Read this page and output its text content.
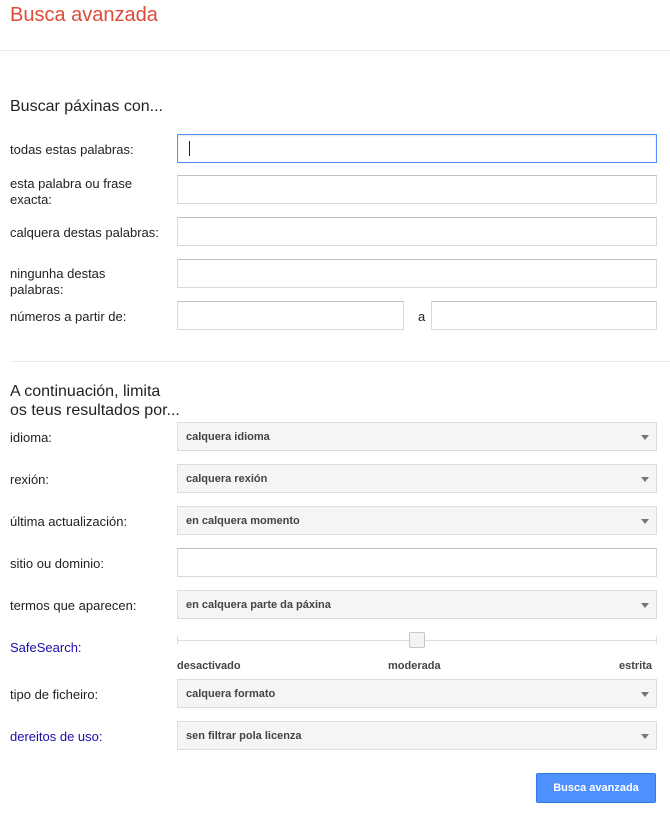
Busca avanzada
Buscar páxinas con...
todas estas palabras:
esta palabra ou frase exacta:
calquera destas palabras:
ningunha destas palabras:
números a partir de:	a
A continuación, limita os teus resultados por...
idioma:	calquera idioma
rexión:	calquera rexión
última actualización:	en calquera momento
sitio ou dominio:
termos que aparecen:	en calquera parte da páxina
SafeSearch:
desactivado	moderada	estrita
tipo de ficheiro:	calquera formato
dereitos de uso:	sen filtrar pola licenza
Busca avanzada
